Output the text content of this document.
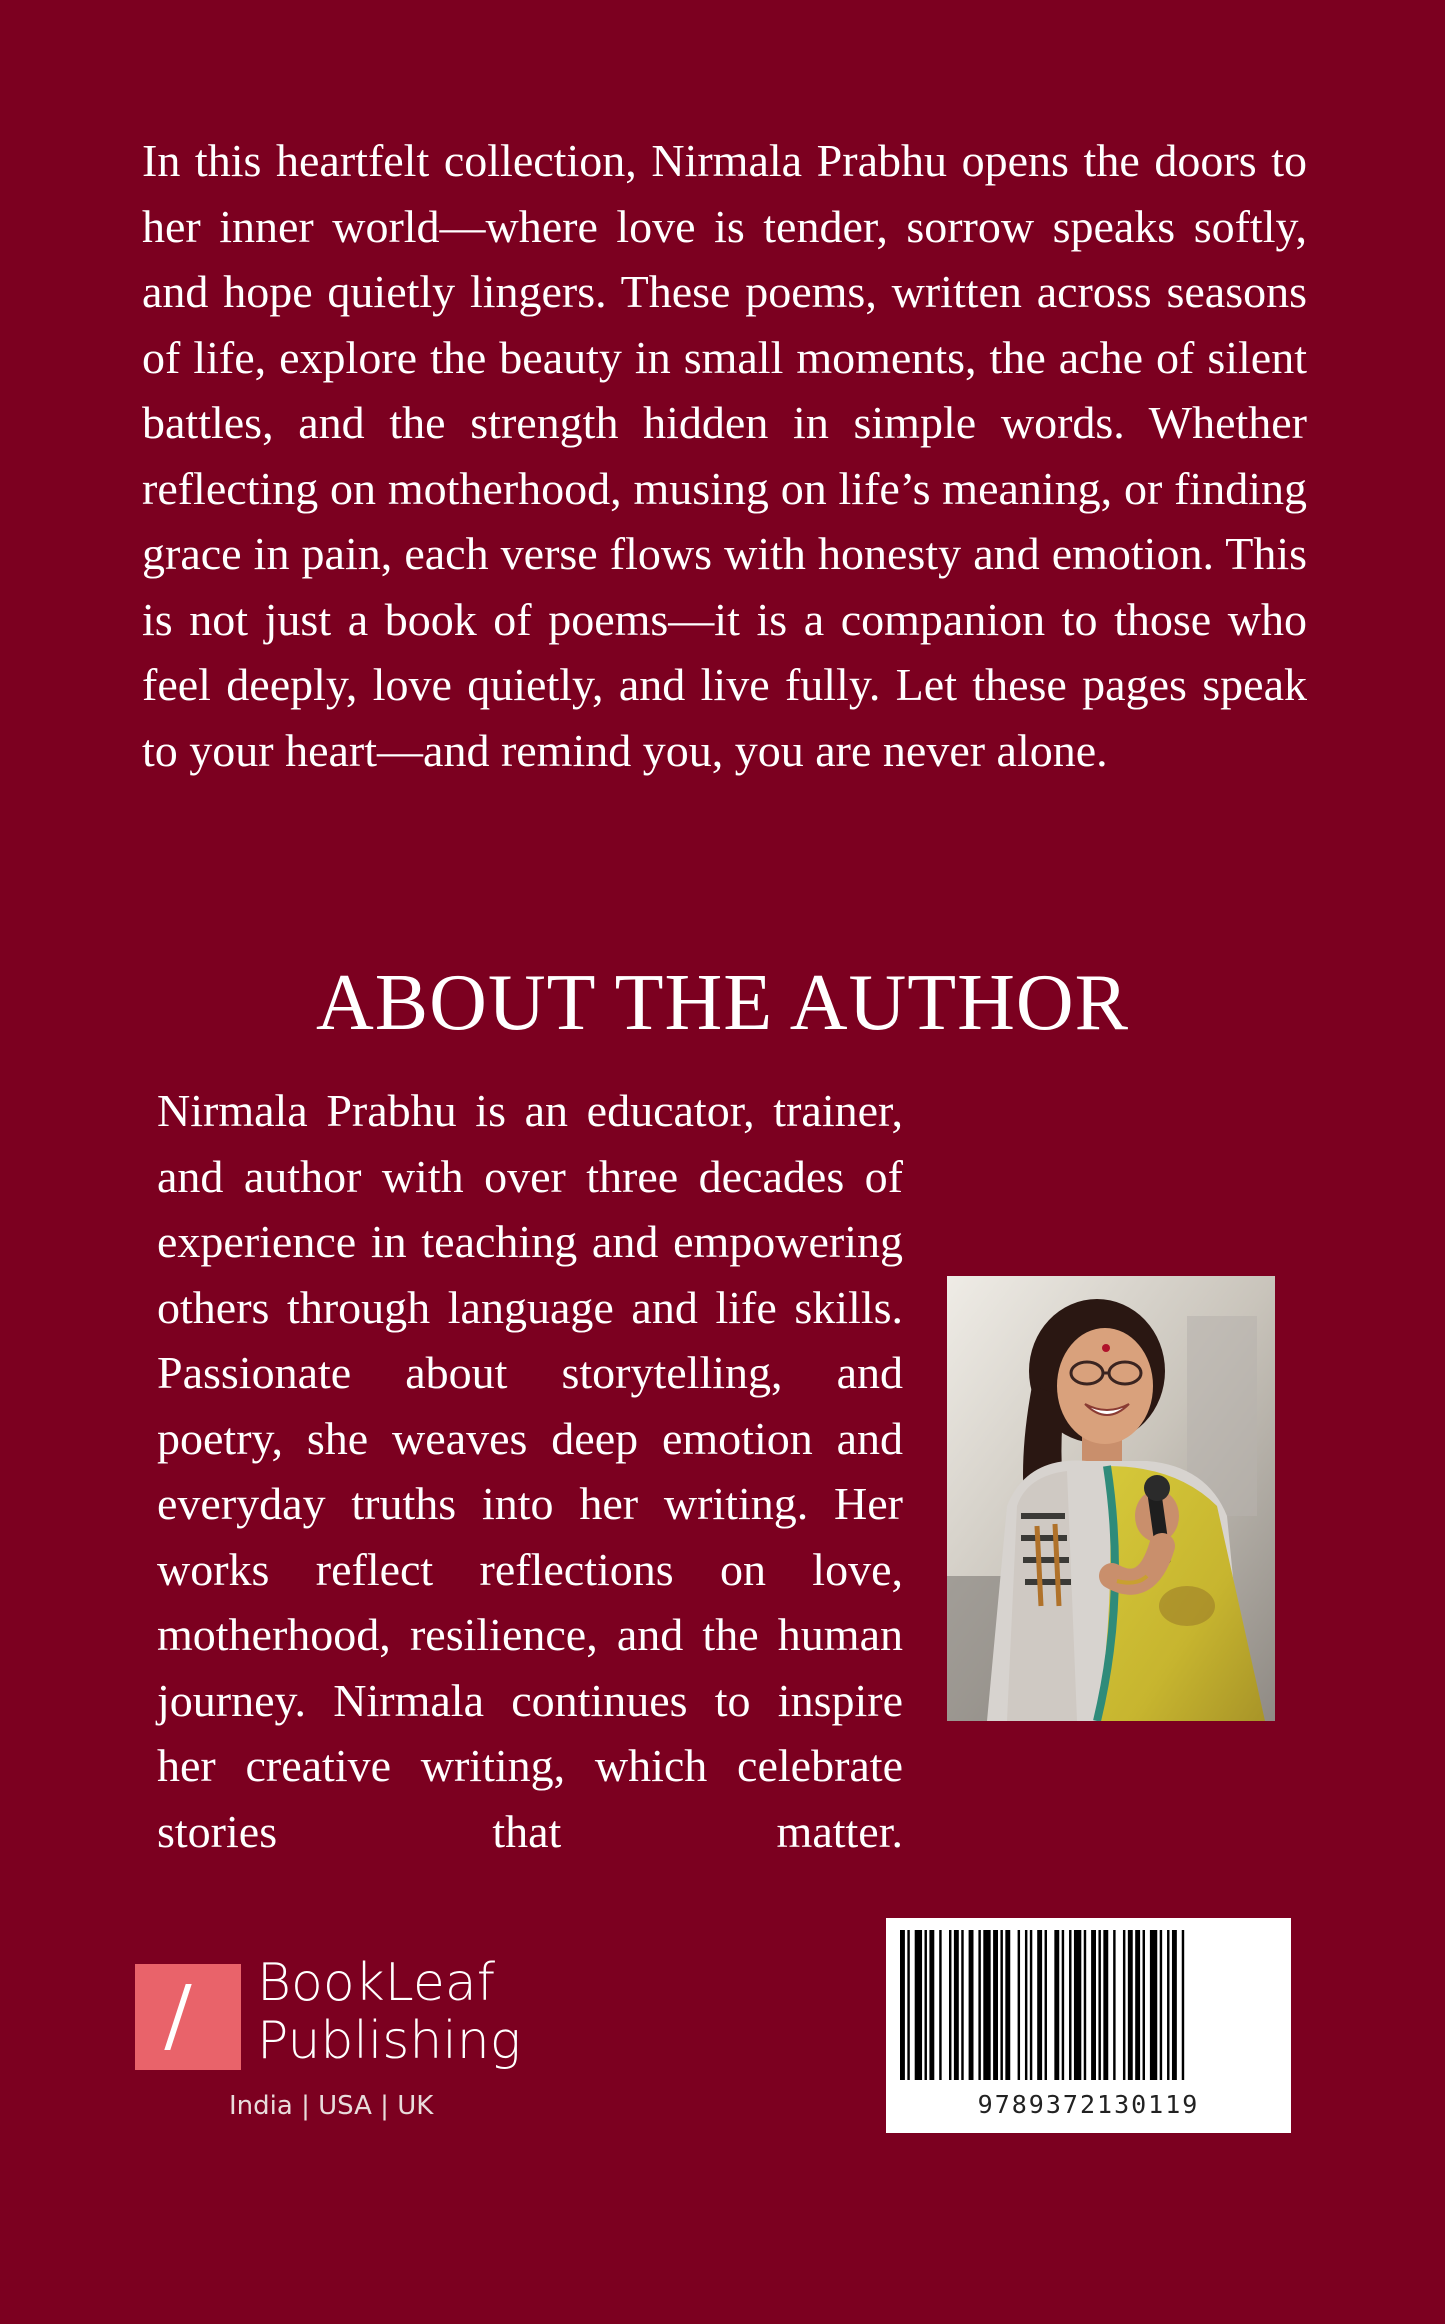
In this heartfelt collection, Nirmala Prabhu opens the doors to her inner world—where love is tender, sorrow speaks softly, and hope quietly lingers. These poems, written across seasons of life, explore the beauty in small moments, the ache of silent battles, and the strength hidden in simple words. Whether reflecting on motherhood, musing on life’s meaning, or finding grace in pain, each verse flows with honesty and emotion. This is not just a book of poems—it is a companion to those who feel deeply, love quietly, and live fully. Let these pages speak to your heart—and remind you, you are never alone.

ABOUT THE AUTHOR

Nirmala Prabhu is an educator, trainer, and author with over three decades of experience in teaching and empowering others through language and life skills. Passionate about storytelling, and poetry, she weaves deep emotion and everyday truths into her writing. Her works reflect reflections on love, motherhood, resilience, and the human journey. Nirmala continues to inspire her creative writing, which celebrate stories that matter.

BookLeaf
Publishing
India | USA | UK	9789372130119
